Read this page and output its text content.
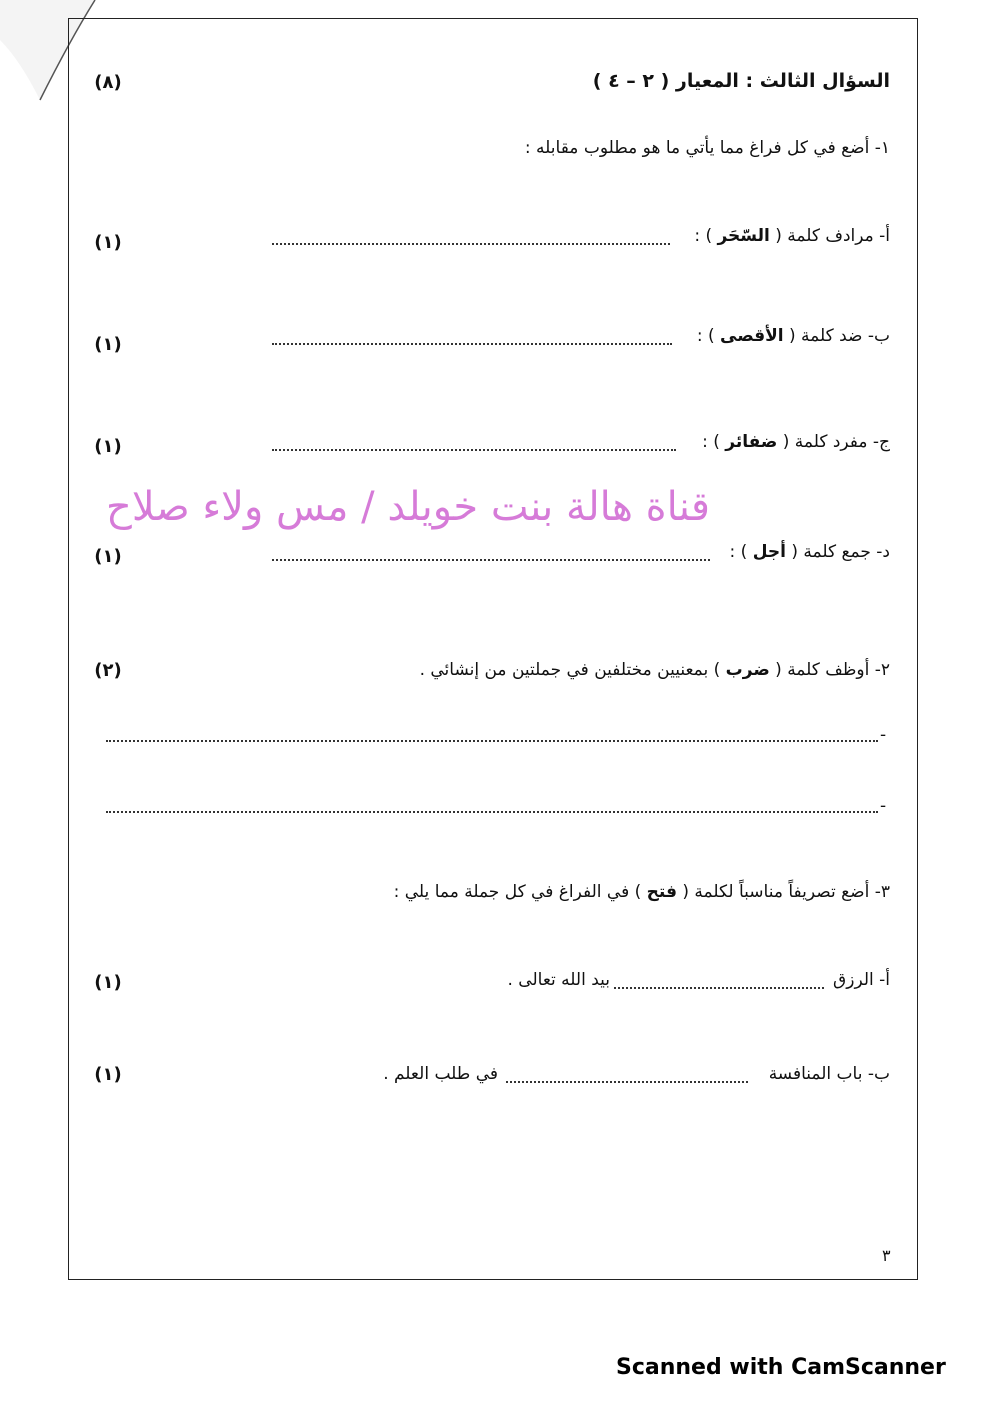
السؤال الثالث : المعيار ( ٢ – ٤ )
(٨)
١- أضع في كل فراغ مما يأتي ما هو مطلوب مقابله :
أ- مرادف كلمة ( السّحَر ) :
(١)
ب- ضد كلمة ( الأقصى ) :
(١)
ج- مفرد كلمة ( ضفائر ) :
(١)
قناة هالة بنت خويلد / مس ولاء صلاح
د- جمع كلمة ( أجل ) :
(١)
٢- أوظف كلمة ( ضرب ) بمعنيين مختلفين في جملتين من إنشائي .
(٢)
-
-
٣- أضع تصريفاً مناسباً لكلمة ( فتح ) في الفراغ في كل جملة مما يلي :
أ- الرزق
بيد الله تعالى .
(١)
ب- باب المنافسة
في طلب العلم .
(١)
٣
Scanned with CamScanner
